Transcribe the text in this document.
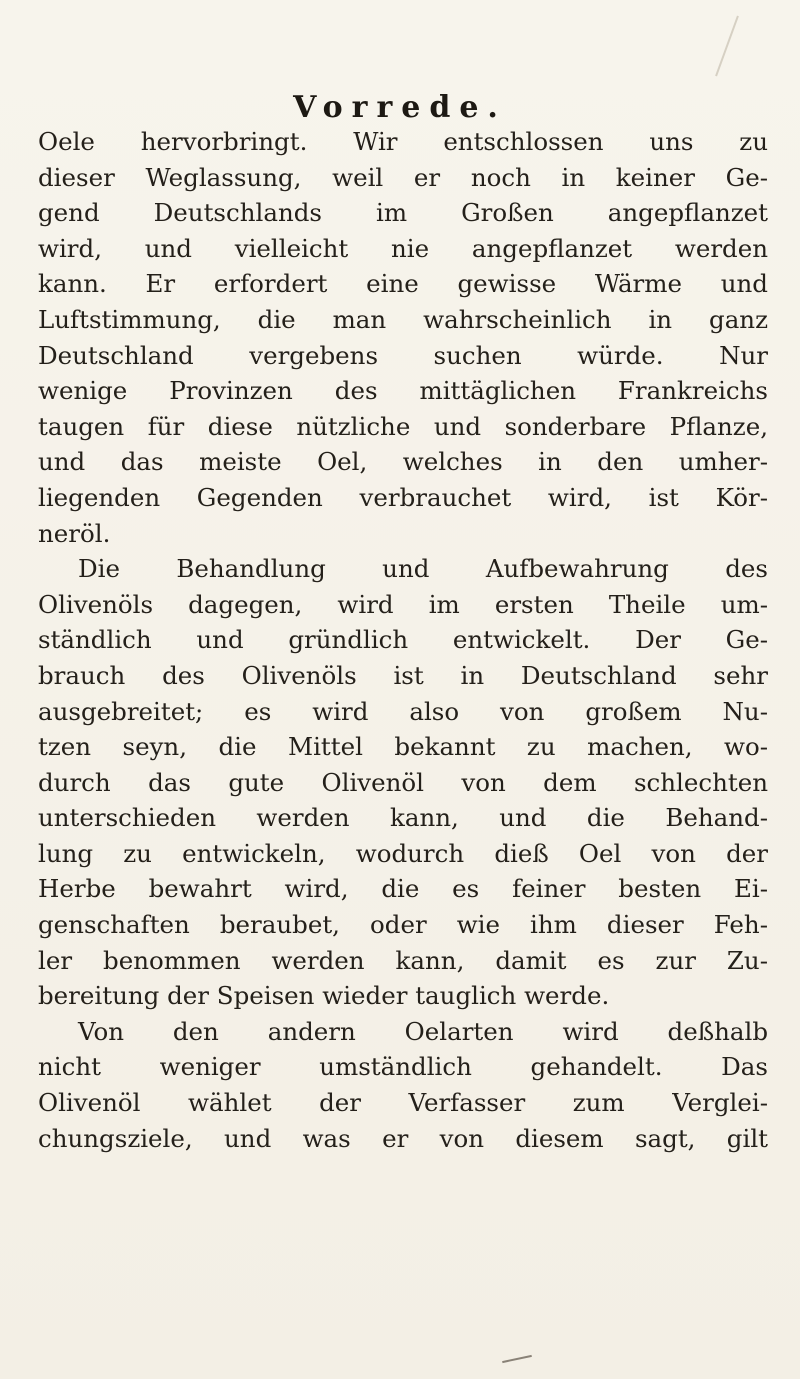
Vorrede.
Oele hervorbringt. Wir entschlossen uns zu
dieser Weglassung, weil er noch in keiner Ge-
gend Deutschlands im Großen angepflanzet
wird, und vielleicht nie angepflanzet werden
kann. Er erfordert eine gewisse Wärme und
Luftstimmung, die man wahrscheinlich in ganz
Deutschland vergebens suchen würde. Nur
wenige Provinzen des mittäglichen Frankreichs
taugen für diese nützliche und sonderbare Pflanze,
und das meiste Oel, welches in den umher-
liegenden Gegenden verbrauchet wird, ist Kör-
neröl.
Die Behandlung und Aufbewahrung des
Olivenöls dagegen, wird im ersten Theile um-
ständlich und gründlich entwickelt. Der Ge-
brauch des Olivenöls ist in Deutschland sehr
ausgebreitet; es wird also von großem Nu-
tzen seyn, die Mittel bekannt zu machen, wo-
durch das gute Olivenöl von dem schlechten
unterschieden werden kann, und die Behand-
lung zu entwickeln, wodurch dieß Oel von der
Herbe bewahrt wird, die es feiner besten Ei-
genschaften beraubet, oder wie ihm dieser Feh-
ler benommen werden kann, damit es zur Zu-
bereitung der Speisen wieder tauglich werde.
Von den andern Oelarten wird deßhalb
nicht weniger umständlich gehandelt. Das
Olivenöl wählet der Verfasser zum Verglei-
chungsziele, und was er von diesem sagt, gilt
